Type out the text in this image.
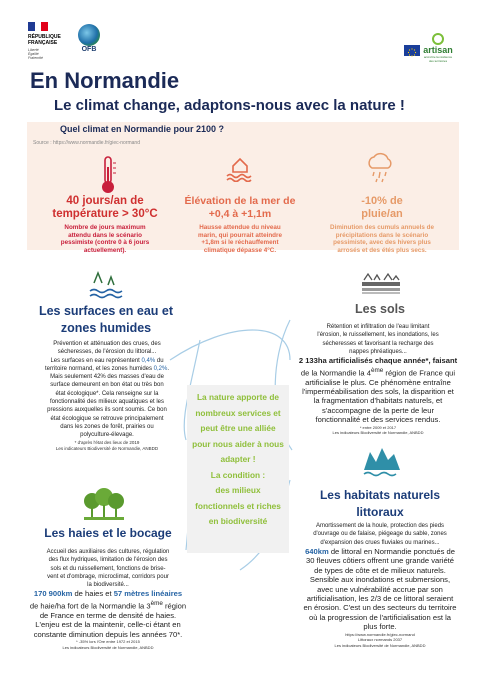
RÉPUBLIQUE
FRANÇAISE
Liberté
Égalité
Fraternité
OFB	artisan
accroître la résilience
des territoires
En Normandie
Le climat change, adaptons-nous avec la nature !
Quel climat en Normandie pour 2100 ?
Source : https://www.normandie.fr/giec-normand
40 jours/an de
température > 30°C
Nombre de jours maximum
attendu dans le scénario
pessimiste (contre 0 à 6 jours
actuellement).
Élévation de la mer de
+0,4 à +1,1m
Hausse attendue du niveau
marin, qui pourrait atteindre
+1,8m si le réchauffement
climatique dépasse 4°C.
-10% de
pluie/an
Diminution des cumuls annuels de
précipitations dans le scénario
pessimiste, avec des hivers plus
arrosés et des étés plus secs.
Les surfaces en eau et
zones humides
Prévention et atténuation des crues, des
sécheresses, de l'érosion du littoral...
Les surfaces en eau représentent 0,4% du
territoire normand, et les zones humides 0,2%.
Mais seulement 42% des masses d'eau de
surface demeurent en bon état ou très bon
état écologique*. Cela renseigne sur la
fonctionnalité des milieux aquatiques et les
pressions auxquelles ils sont soumis. Ce bon
état écologique se retrouve principalement
dans les zones de forêt, prairies ou
polyculture-élevage.
* d'après l'état des lieux de 2019
Les indicateurs Biodiversité de Normandie, ANBDD
Les sols
Rétention et infiltration de l'eau limitant
l'érosion, le ruissellement, les inondations, les
sécheresses et favorisant la recharge des
nappes phréatiques...
2 133ha artificialisés chaque année*, faisant
de la Normandie la 4ème région de France qui
artificialise le plus. Ce phénomène entraîne
l'imperméabilisation des sols, la disparition et
la fragmentation d'habitats naturels, et
s'accompagne de la perte de leur
fonctionnalité et des services rendus.
* entre 2009 et 2017
Les indicateurs Biodiversité de Normandie, ANBDD
La nature apporte de
nombreux services et
peut être une alliée
pour nous aider à nous
adapter !
La condition :
des milieux
fonctionnels et riches
en biodiversité
Les habitats naturels
littoraux
Amortissement de la houle, protection des pieds
d'ouvrage ou de falaise, piégeage du sable, zones
d'expansion des crues fluviales ou marines...
640km de littoral en Normandie ponctués de
30 fleuves côtiers offrent une grande variété
de types de côte et de milieux naturels.
Sensible aux inondations et submersions,
avec une vulnérabilité accrue par son
artificialisation, les 2/3 de ce littoral seraient
en érosion. C'est un des secteurs du territoire
où la progression de l'artificialisation est la
plus forte.
https://www.normandie.fr/giec-normand
Littoraux normands 2037
Les indicateurs Biodiversité de Normandie, ANBDD
Les haies et le bocage
Accueil des auxiliaires des cultures, régulation
des flux hydriques, limitation de l'érosion des
sols et du ruissellement, fonctions de brise-
vent et d'ombrage, microclimat, corridors pour
la biodiversité...
170 900km de haies et 57 mètres linéaires
de haie/ha fort de la Normandie la 3ème région
de France en terme de densité de haies.
L'enjeu est de la maintenir, celle-ci étant en
constante diminution depuis les années 70*.
* -35% lors l'Ore entre 1972 et 2015
Les indicateurs Biodiversité de Normandie, ANBDD
